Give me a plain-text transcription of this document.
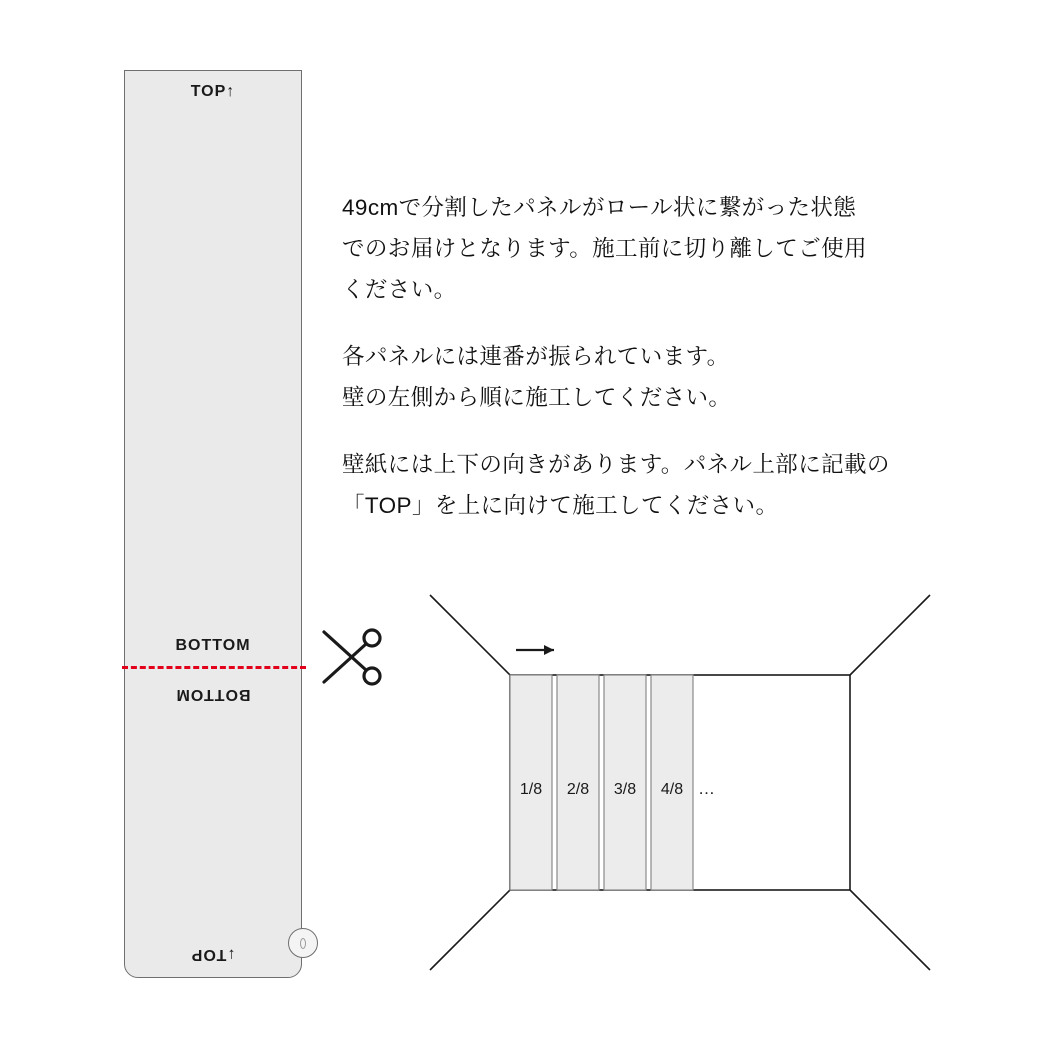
TOP↑
BOTTOM
BOTTOM
↓TOP

49cmで分割したパネルがロール状に繋がった状態

でのお届けとなります。施工前に切り離してご使用

ください。

各パネルには連番が振られています。

壁の左側から順に施工してください。

壁紙には上下の向きがあります。パネル上部に記載の

「TOP」を上に向けて施工してください。

1/8 2/8 3/8 4/8 …
